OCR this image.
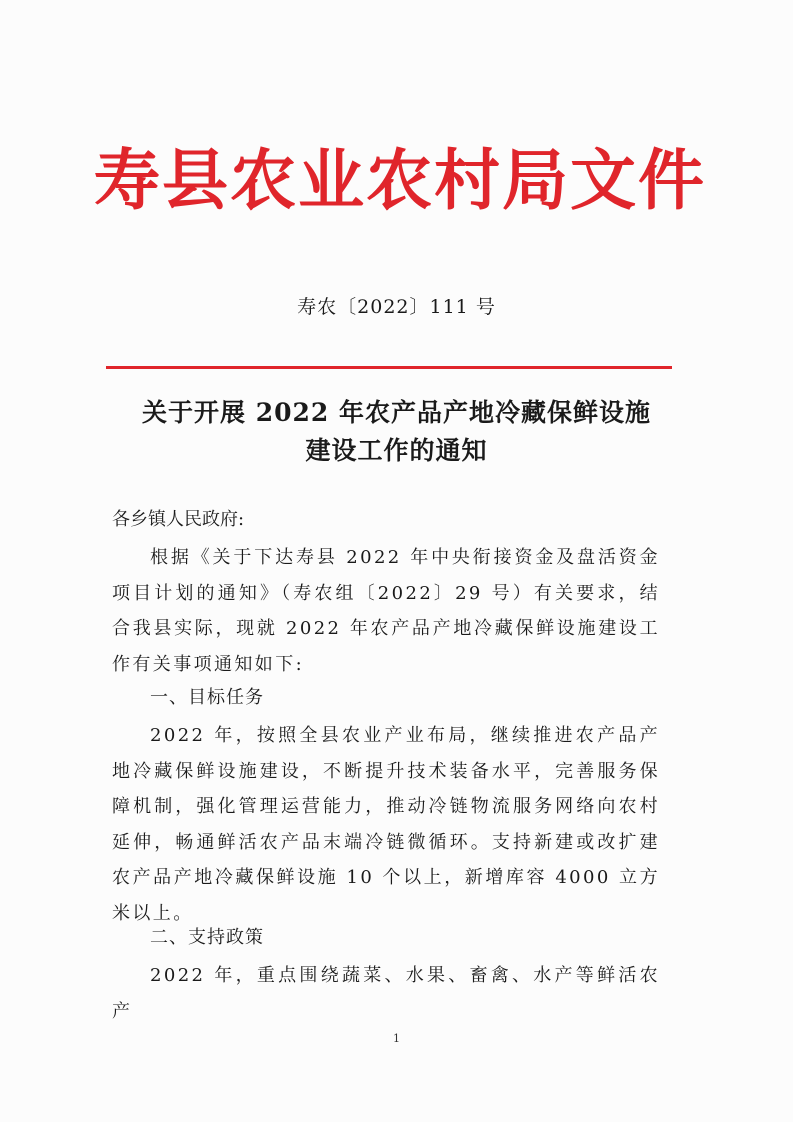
寿县农业农村局文件
寿农〔2022〕111 号
关于开展 2022 年农产品产地冷藏保鲜设施
建设工作的通知
各乡镇人民政府:
根据《关于下达寿县 2022 年中央衔接资金及盘活资金项目计划的通知》（寿农组〔2022〕29 号）有关要求，结合我县实际，现就 2022 年农产品产地冷藏保鲜设施建设工作有关事项通知如下:
一、目标任务
2022 年，按照全县农业产业布局，继续推进农产品产地冷藏保鲜设施建设，不断提升技术装备水平，完善服务保障机制，强化管理运营能力，推动冷链物流服务网络向农村延伸，畅通鲜活农产品末端冷链微循环。支持新建或改扩建农产品产地冷藏保鲜设施 10 个以上，新增库容 4000 立方米以上。
二、支持政策
2022 年，重点围绕蔬菜、水果、畜禽、水产等鲜活农产
1
